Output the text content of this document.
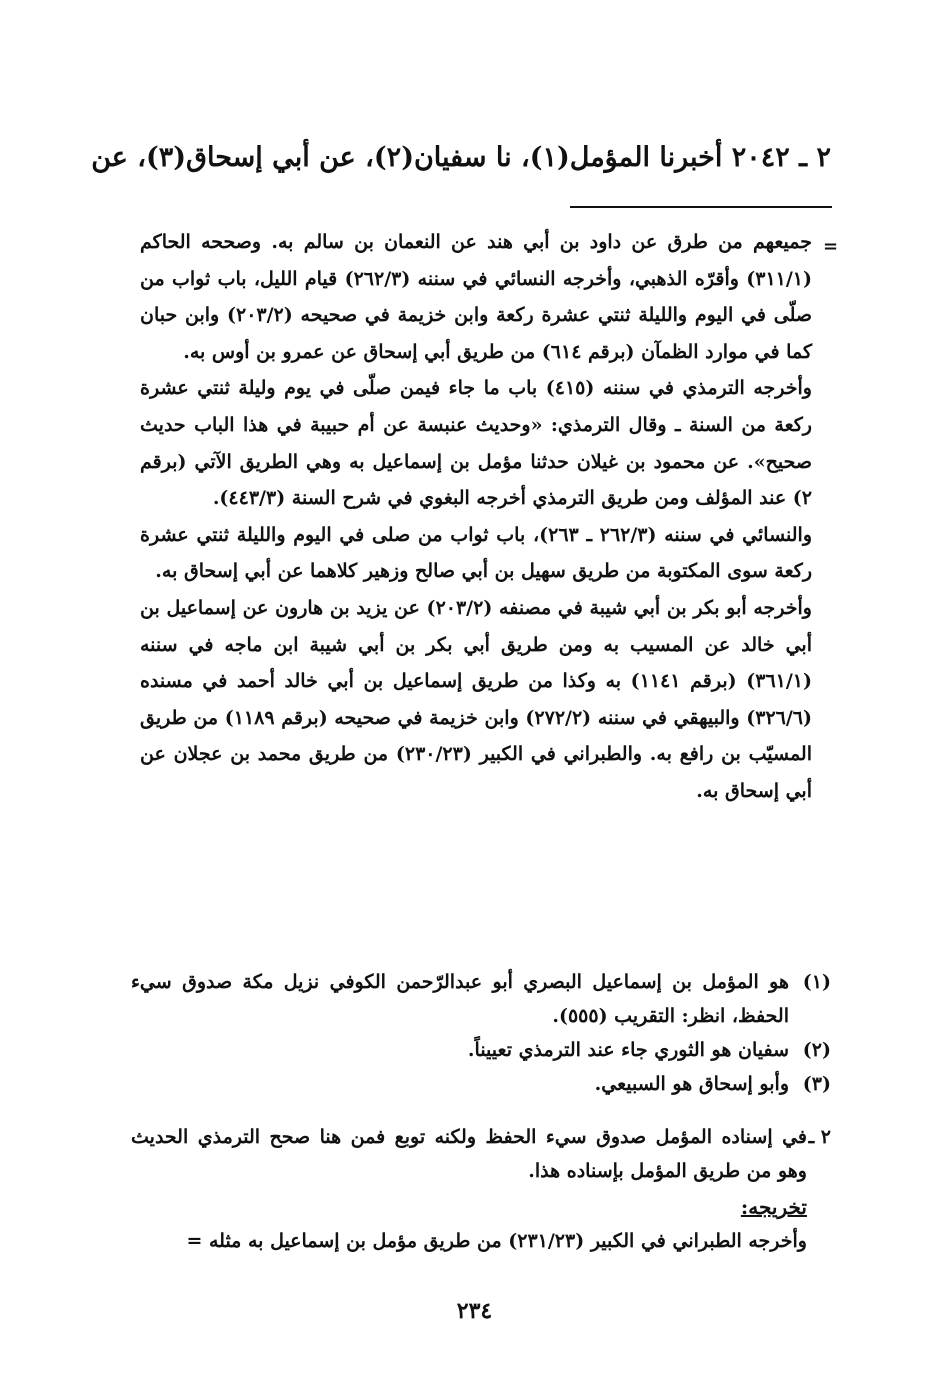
٢ ـ ٢٠٤٢ أخبرنا المؤمل(١)، نا سفيان(٢)، عن أبي إسحاق(٣)، عن
=

جميعهم من طرق عن داود بن أبي هند عن النعمان بن سالم به. وصححه الحاكم (٣١١/١) وأقرّه الذهبي، وأخرجه النسائي في سننه (٢٦٢/٣) قيام الليل، باب ثواب من صلّى في اليوم والليلة ثنتي عشرة ركعة وابن خزيمة في صحيحه (٢٠٣/٢) وابن حبان كما في موارد الظمآن (برقم ٦١٤) من طريق أبي إسحاق عن عمرو بن أوس به.

وأخرجه الترمذي في سننه (٤١٥) باب ما جاء فيمن صلّى في يوم وليلة ثنتي عشرة ركعة من السنة ـ وقال الترمذي: «وحديث عنبسة عن أم حبيبة في هذا الباب حديث صحيح». عن محمود بن غيلان حدثنا مؤمل بن إسماعيل به وهي الطريق الآتي (برقم ٢) عند المؤلف ومن طريق الترمذي أخرجه البغوي في شرح السنة (٤٤٣/٣).

والنسائي في سننه (٢٦٢/٣ ـ ٢٦٣)، باب ثواب من صلى في اليوم والليلة ثنتي عشرة ركعة سوى المكتوبة من طريق سهيل بن أبي صالح وزهير كلاهما عن أبي إسحاق به.

وأخرجه أبو بكر بن أبي شيبة في مصنفه (٢٠٣/٢) عن يزيد بن هارون عن إسماعيل بن أبي خالد عن المسيب به ومن طريق أبي بكر بن أبي شيبة ابن ماجه في سننه (٣٦١/١) (برقم ١١٤١) به وكذا من طريق إسماعيل بن أبي خالد أحمد في مسنده (٣٢٦/٦) والبيهقي في سننه (٢٧٢/٢) وابن خزيمة في صحيحه (برقم ١١٨٩) من طريق المسيّب بن رافع به. والطبراني في الكبير (٢٣٠/٢٣) من طريق محمد بن عجلان عن أبي إسحاق به.

(١)
هو المؤمل بن إسماعيل البصري أبو عبدالرّحمن الكوفي نزيل مكة صدوق سيء الحفظ، انظر: التقريب (٥٥٥).
(٢)
سفيان هو الثوري جاء عند الترمذي تعييناً.
(٣)
وأبو إسحاق هو السبيعي.
٢ ـ
في إسناده المؤمل صدوق سيء الحفظ ولكنه توبع فمن هنا صحح الترمذي الحديث وهو من طريق المؤمل بإسناده هذا.
تخريجه:
وأخرجه الطبراني في الكبير (٢٣١/٢٣) من طريق مؤمل بن إسماعيل به مثله =
٢٣٤
